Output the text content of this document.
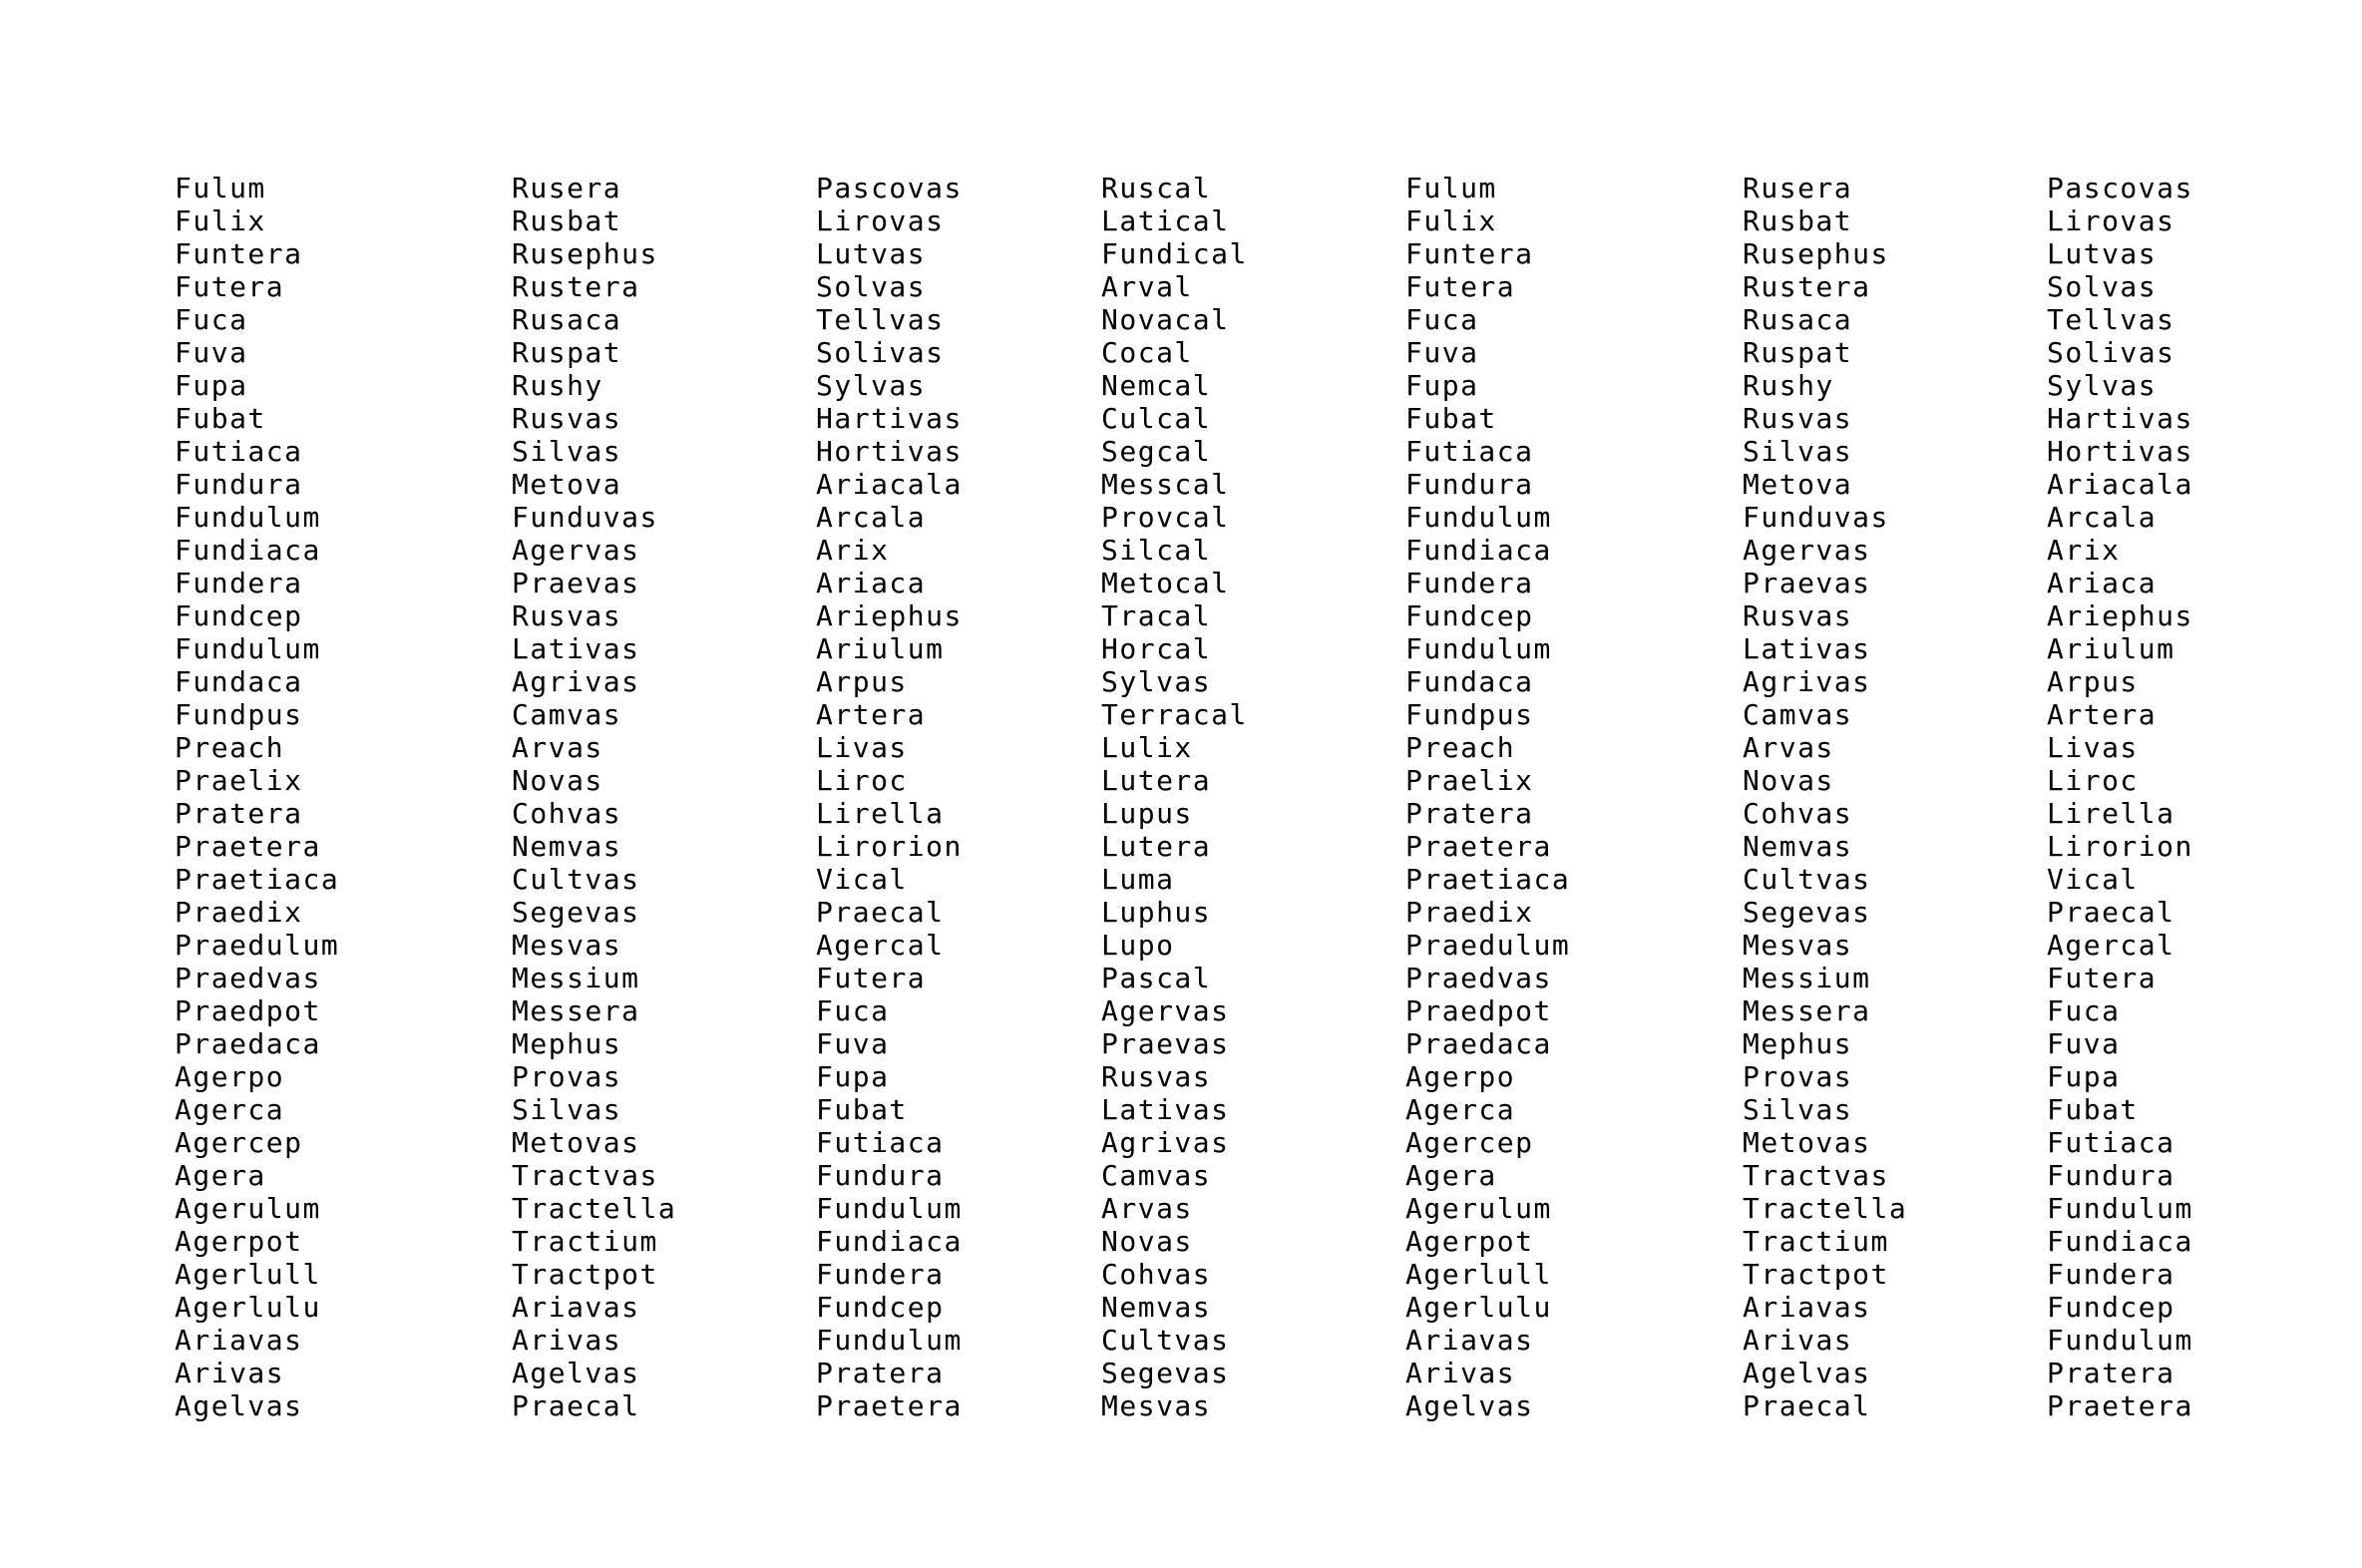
Fulum
Fulix
Funtera
Futera
Fuca
Fuva
Fupa
Fubat
Futiaca
Fundura
Fundulum
Fundiaca
Fundera
Fundcep
Fundulum
Fundaca
Fundpus
Preach
Praelix
Pratera
Praetera
Praetiaca
Praedix
Praedulum
Praedvas
Praedpot
Praedaca
Agerpo
Agerca
Agercep
Agera
Agerulum
Agerpot
Agerlull
Agerlulu
Ariavas
Arivas
Agelvas
Rusera
Rusbat
Rusephus
Rustera
Rusaca
Ruspat
Rushy
Rusvas
Silvas
Metova
Funduvas
Agervas
Praevas
Rusvas
Lativas
Agrivas
Camvas
Arvas
Novas
Cohvas
Nemvas
Cultvas
Segevas
Mesvas
Messium
Messera
Mephus
Provas
Silvas
Metovas
Tractvas
Tractella
Tractium
Tractpot
Ariavas
Arivas
Agelvas
Praecal
Pascovas
Lirovas
Lutvas
Solvas
Tellvas
Solivas
Sylvas
Hartivas
Hortivas
Ariacala
Arcala
Arix
Ariaca
Ariephus
Ariulum
Arpus
Artera
Livas
Liroc
Lirella
Lirorion
Vical
Praecal
Agercal
Futera
Fuca
Fuva
Fupa
Fubat
Futiaca
Fundura
Fundulum
Fundiaca
Fundera
Fundcep
Fundulum
Pratera
Praetera
Ruscal
Latical
Fundical
Arval
Novacal
Cocal
Nemcal
Culcal
Segcal
Messcal
Provcal
Silcal
Metocal
Tracal
Horcal
Sylvas
Terracal
Lulix
Lutera
Lupus
Lutera
Luma
Luphus
Lupo
Pascal
Agervas
Praevas
Rusvas
Lativas
Agrivas
Camvas
Arvas
Novas
Cohvas
Nemvas
Cultvas
Segevas
Mesvas
Fulum
Fulix
Funtera
Futera
Fuca
Fuva
Fupa
Fubat
Futiaca
Fundura
Fundulum
Fundiaca
Fundera
Fundcep
Fundulum
Fundaca
Fundpus
Preach
Praelix
Pratera
Praetera
Praetiaca
Praedix
Praedulum
Praedvas
Praedpot
Praedaca
Agerpo
Agerca
Agercep
Agera
Agerulum
Agerpot
Agerlull
Agerlulu
Ariavas
Arivas
Agelvas
Rusera
Rusbat
Rusephus
Rustera
Rusaca
Ruspat
Rushy
Rusvas
Silvas
Metova
Funduvas
Agervas
Praevas
Rusvas
Lativas
Agrivas
Camvas
Arvas
Novas
Cohvas
Nemvas
Cultvas
Segevas
Mesvas
Messium
Messera
Mephus
Provas
Silvas
Metovas
Tractvas
Tractella
Tractium
Tractpot
Ariavas
Arivas
Agelvas
Praecal
Pascovas
Lirovas
Lutvas
Solvas
Tellvas
Solivas
Sylvas
Hartivas
Hortivas
Ariacala
Arcala
Arix
Ariaca
Ariephus
Ariulum
Arpus
Artera
Livas
Liroc
Lirella
Lirorion
Vical
Praecal
Agercal
Futera
Fuca
Fuva
Fupa
Fubat
Futiaca
Fundura
Fundulum
Fundiaca
Fundera
Fundcep
Fundulum
Pratera
Praetera
